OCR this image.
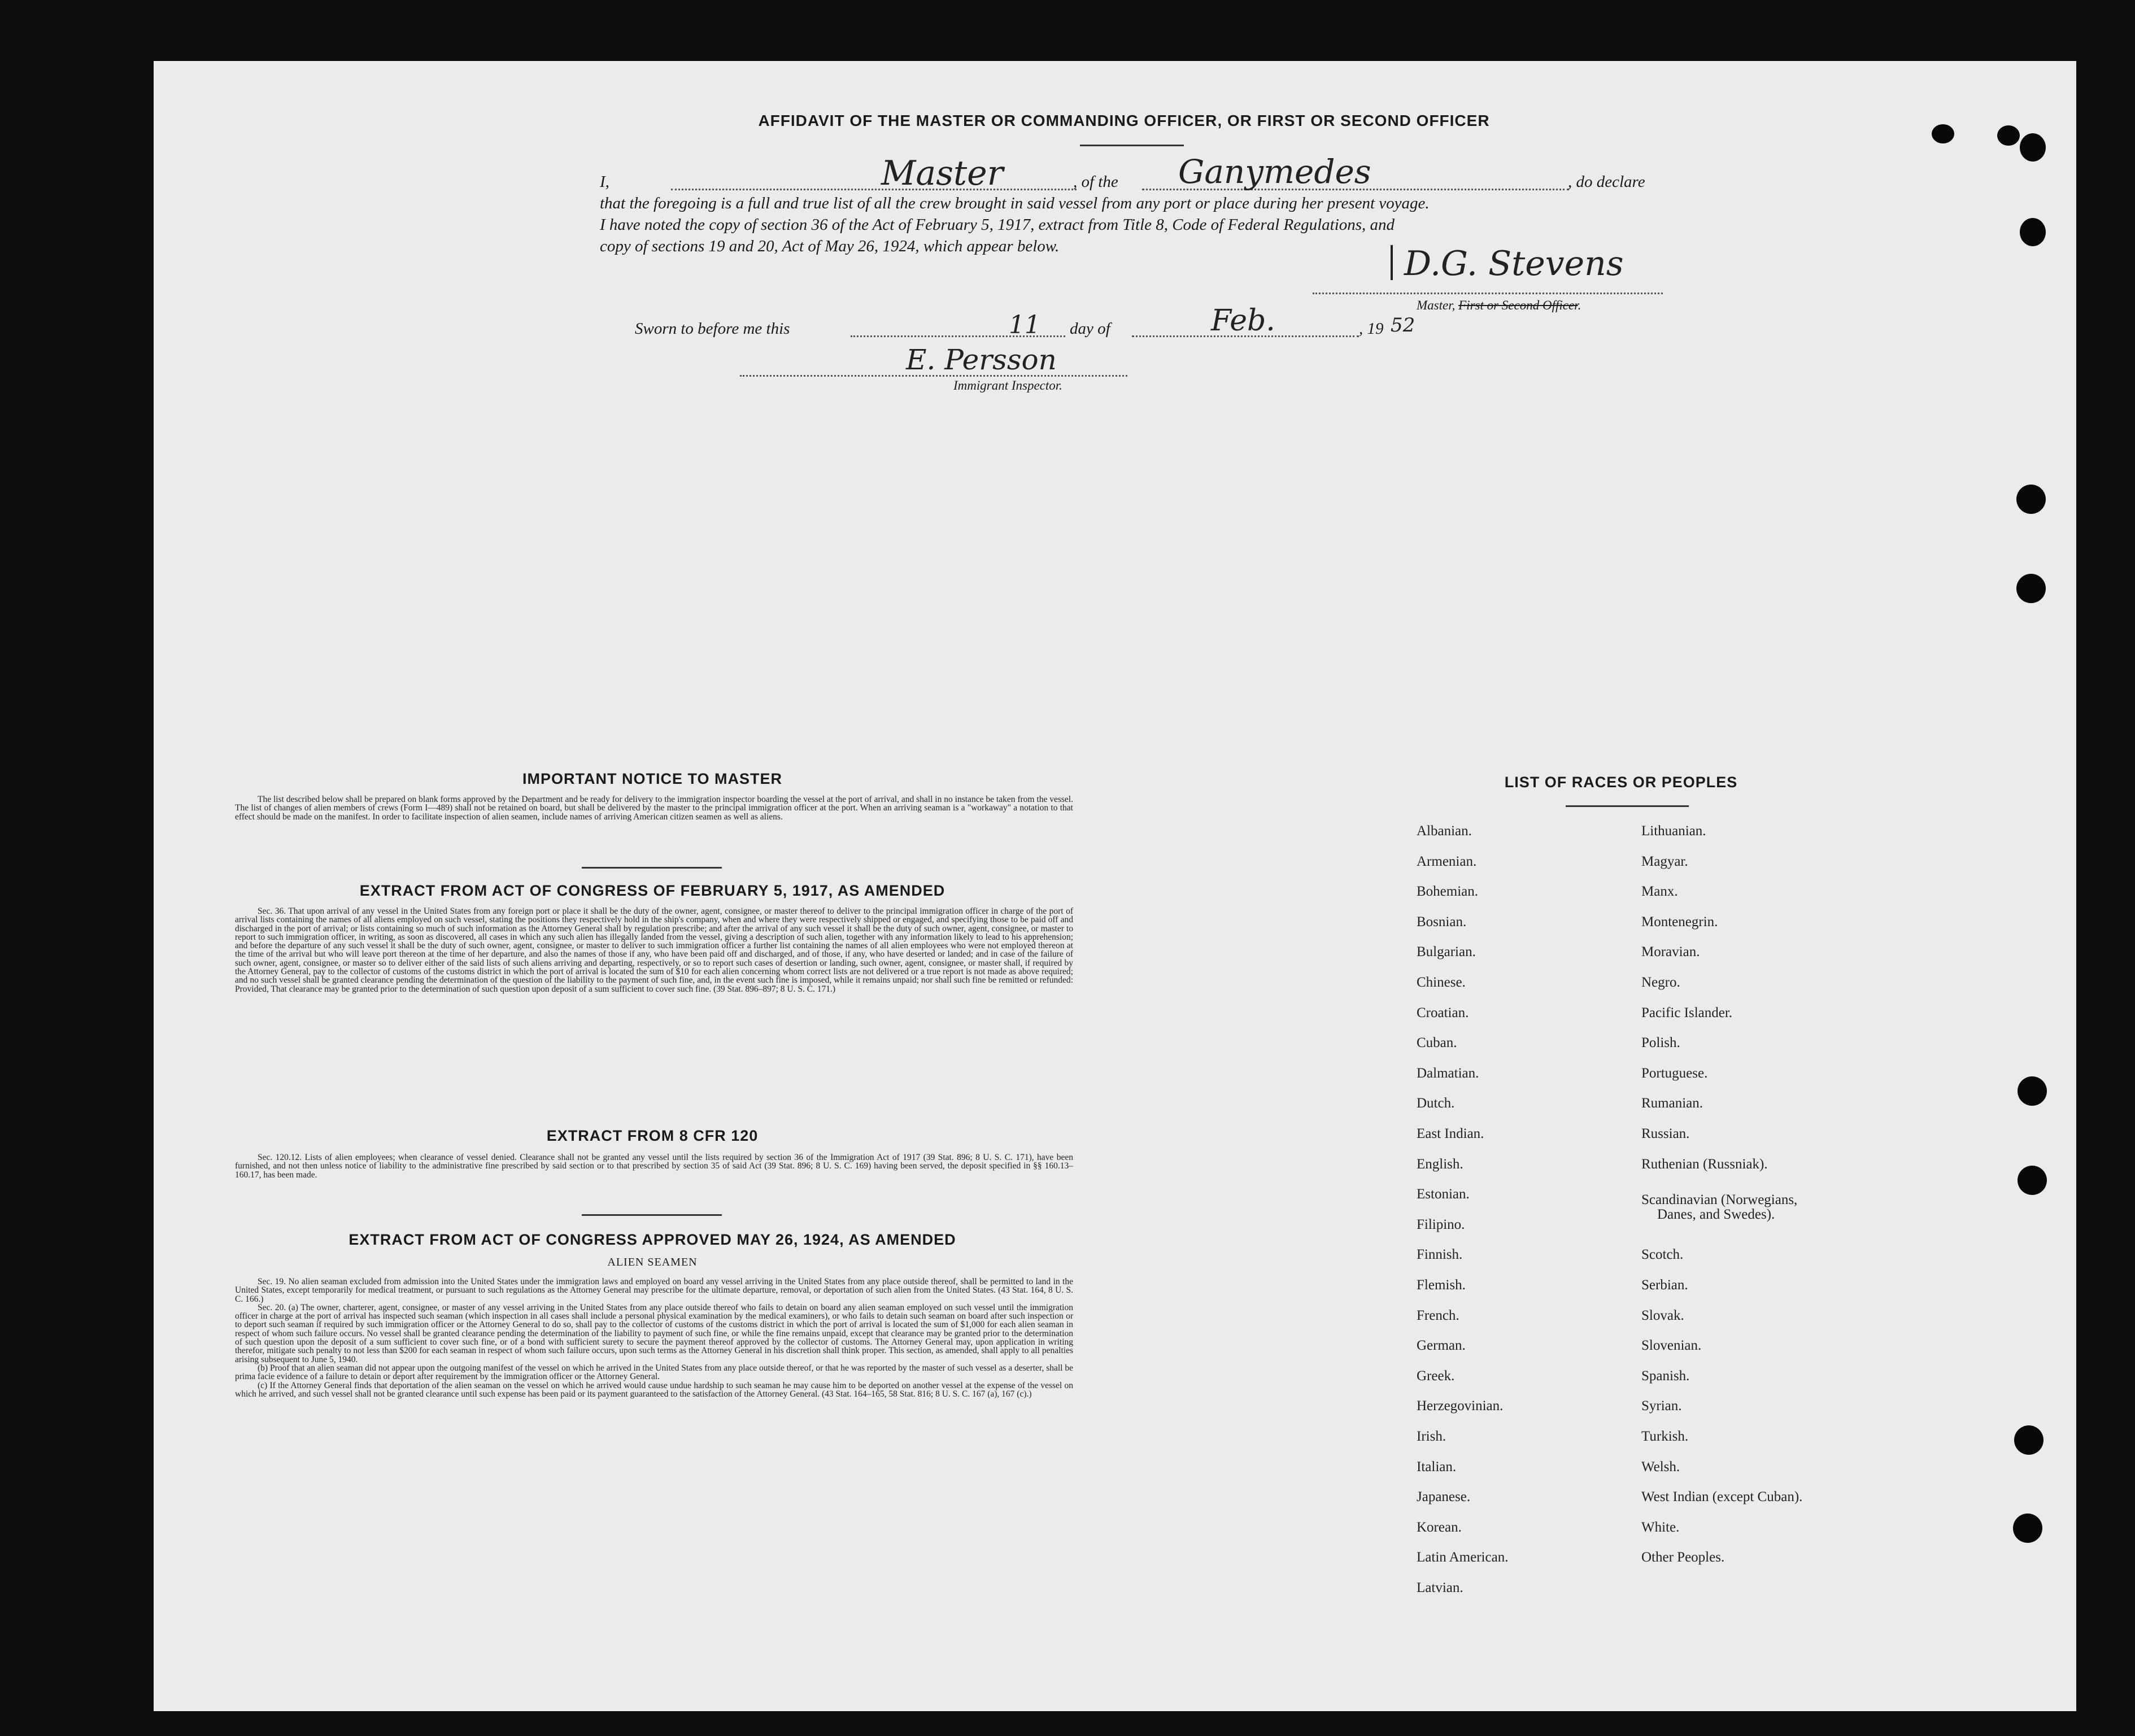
AFFIDAVIT OF THE MASTER OR COMMANDING OFFICER, OR FIRST OR SECOND OFFICER
I,	Master	, of the Ganymedes	, do declare
that the foregoing is a full and true list of all the crew brought in said vessel from any port or place during her present voyage.
I have noted the copy of section 36 of the Act of February 5, 1917, extract from Title 8, Code of Federal Regulations, and
copy of sections 19 and 20, Act of May 26, 1924, which appear below.	D.G. Stevens
Master, First or Second Officer.
Sworn to before me this	11 day of	Feb.	, 19 52
E. Persson
Immigrant Inspector.
IMPORTANT NOTICE TO MASTER

The list described below shall be prepared on blank forms approved by the Department and be ready for delivery to the immigration inspector boarding the vessel at the port of arrival, and shall in no instance be taken from the vessel. The list of changes of alien members of crews (Form I—489) shall not be retained on board, but shall be delivered by the master to the principal immigration officer at the port. When an arriving seaman is a "workaway" a notation to that effect should be made on the manifest. In order to facilitate inspection of alien seamen, include names of arriving American citizen seamen as well as aliens.

EXTRACT FROM ACT OF CONGRESS OF FEBRUARY 5, 1917, AS AMENDED

Sec. 36. That upon arrival of any vessel in the United States from any foreign port or place it shall be the duty of the owner, agent, consignee, or master thereof to deliver to the principal immigration officer in charge of the port of arrival lists containing the names of all aliens employed on such vessel, stating the positions they respectively hold in the ship's company, when and where they were respectively shipped or engaged, and specifying those to be paid off and discharged in the port of arrival; or lists containing so much of such information as the Attorney General shall by regulation prescribe; and after the arrival of any such vessel it shall be the duty of such owner, agent, consignee, or master to report to such immigration officer, in writing, as soon as discovered, all cases in which any such alien has illegally landed from the vessel, giving a description of such alien, together with any information likely to lead to his apprehension; and before the departure of any such vessel it shall be the duty of such owner, agent, consignee, or master to deliver to such immigration officer a further list containing the names of all alien employees who were not employed thereon at the time of the arrival but who will leave port thereon at the time of her departure, and also the names of those if any, who have been paid off and discharged, and of those, if any, who have deserted or landed; and in case of the failure of such owner, agent, consignee, or master so to deliver either of the said lists of such aliens arriving and departing, respectively, or so to report such cases of desertion or landing, such owner, agent, consignee, or master shall, if required by the Attorney General, pay to the collector of customs of the customs district in which the port of arrival is located the sum of $10 for each alien concerning whom correct lists are not delivered or a true report is not made as above required; and no such vessel shall be granted clearance pending the determination of the question of the liability to the payment of such fine, and, in the event such fine is imposed, while it remains unpaid; nor shall such fine be remitted or refunded: Provided, That clearance may be granted prior to the determination of such question upon deposit of a sum sufficient to cover such fine. (39 Stat. 896–897; 8 U. S. C. 171.)

EXTRACT FROM 8 CFR 120

Sec. 120.12. Lists of alien employees; when clearance of vessel denied. Clearance shall not be granted any vessel until the lists required by section 36 of the Immigration Act of 1917 (39 Stat. 896; 8 U. S. C. 171), have been furnished, and not then unless notice of liability to the administrative fine prescribed by said section or to that prescribed by section 35 of said Act (39 Stat. 896; 8 U. S. C. 169) having been served, the deposit specified in §§ 160.13–160.17, has been made.

EXTRACT FROM ACT OF CONGRESS APPROVED MAY 26, 1924, AS AMENDED
ALIEN SEAMEN

Sec. 19. No alien seaman excluded from admission into the United States under the immigration laws and employed on board any vessel arriving in the United States from any place outside thereof, shall be permitted to land in the United States, except temporarily for medical treatment, or pursuant to such regulations as the Attorney General may prescribe for the ultimate departure, removal, or deportation of such alien from the United States. (43 Stat. 164, 8 U. S. C. 166.)

Sec. 20. (a) The owner, charterer, agent, consignee, or master of any vessel arriving in the United States from any place outside thereof who fails to detain on board any alien seaman employed on such vessel until the immigration officer in charge at the port of arrival has inspected such seaman (which inspection in all cases shall include a personal physical examination by the medical examiners), or who fails to detain such seaman on board after such inspection or to deport such seaman if required by such immigration officer or the Attorney General to do so, shall pay to the collector of customs of the customs district in which the port of arrival is located the sum of $1,000 for each alien seaman in respect of whom such failure occurs. No vessel shall be granted clearance pending the determination of the liability to payment of such fine, or while the fine remains unpaid, except that clearance may be granted prior to the determination of such question upon the deposit of a sum sufficient to cover such fine, or of a bond with sufficient surety to secure the payment thereof approved by the collector of customs. The Attorney General may, upon application in writing therefor, mitigate such penalty to not less than $200 for each seaman in respect of whom such failure occurs, upon such terms as the Attorney General in his discretion shall think proper. This section, as amended, shall apply to all penalties arising subsequent to June 5, 1940.

(b) Proof that an alien seaman did not appear upon the outgoing manifest of the vessel on which he arrived in the United States from any place outside thereof, or that he was reported by the master of such vessel as a deserter, shall be prima facie evidence of a failure to detain or deport after requirement by the immigration officer or the Attorney General.

(c) If the Attorney General finds that deportation of the alien seaman on the vessel on which he arrived would cause undue hardship to such seaman he may cause him to be deported on another vessel at the expense of the vessel on which he arrived, and such vessel shall not be granted clearance until such expense has been paid or its payment guaranteed to the satisfaction of the Attorney General. (43 Stat. 164–165, 58 Stat. 816; 8 U. S. C. 167 (a), 167 (c).)

LIST OF RACES OR PEOPLES
Albanian.
Armenian.
Bohemian.
Bosnian.
Bulgarian.
Chinese.
Croatian.
Cuban.
Dalmatian.
Dutch.
East Indian.
English.
Estonian.
Filipino.
Finnish.
Flemish.
French.
German.
Greek.
Herzegovinian.
Irish.
Italian.
Japanese.
Korean.
Latin American.
Latvian.
Lithuanian.
Magyar.
Manx.
Montenegrin.
Moravian.
Negro.
Pacific Islander.
Polish.
Portuguese.
Rumanian.
Russian.
Ruthenian (Russniak).
Scandinavian (Norwegians,
Danes, and Swedes).
Scotch.
Serbian.
Slovak.
Slovenian.
Spanish.
Syrian.
Turkish.
Welsh.
West Indian (except Cuban).
White.
Other Peoples.
